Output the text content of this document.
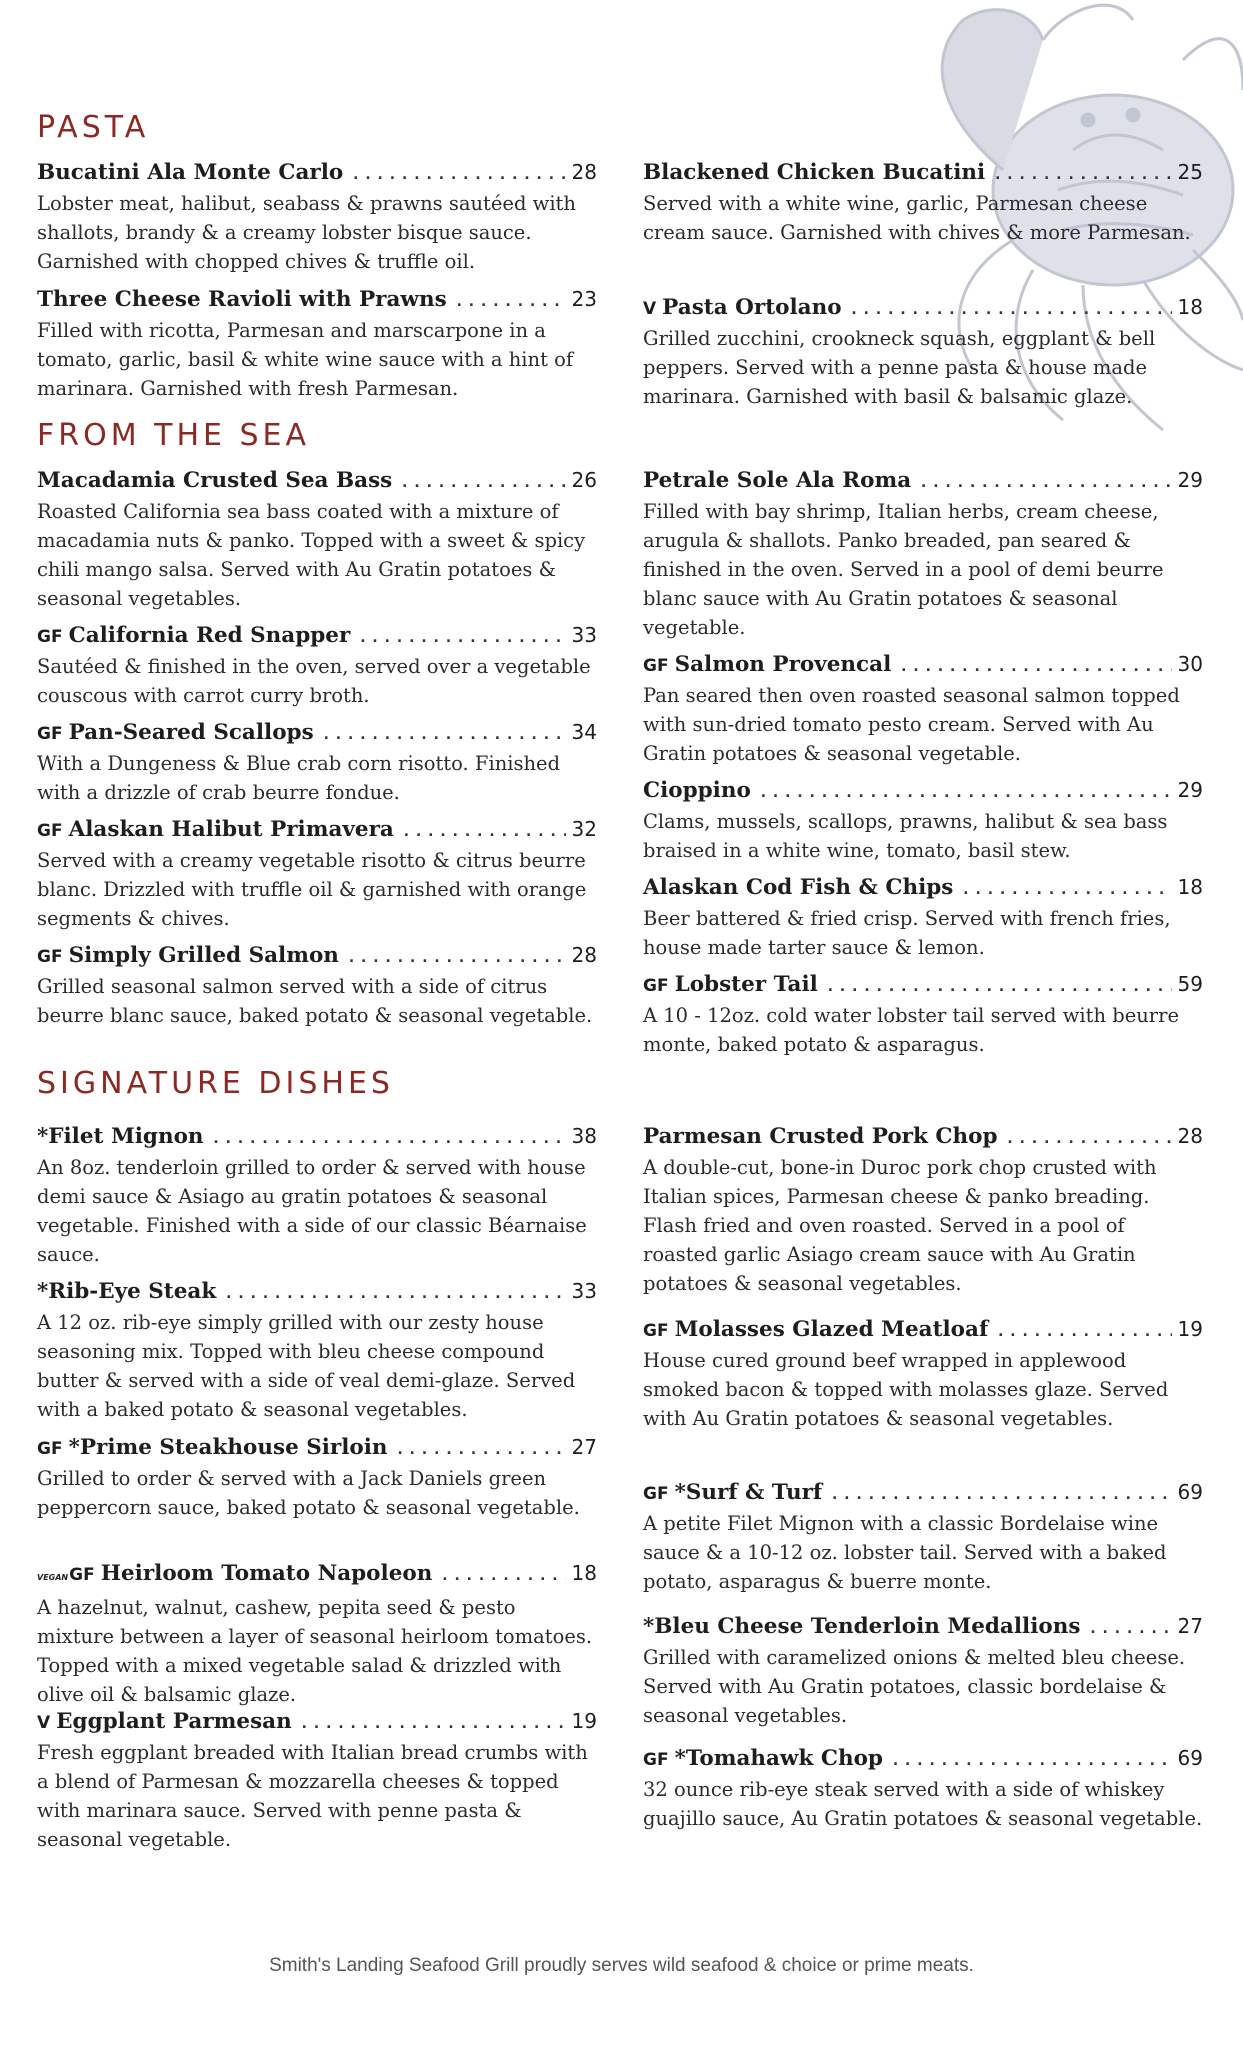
PASTA
FROM THE SEA
SIGNATURE DISHES
Bucatini Ala Monte Carlo .....	28

Lobster meat, halibut, seabass & prawns sautéed with shallots, brandy & a creamy lobster bisque sauce. Garnished with chopped chives & truffle oil.

Three Cheese Ravioli with Prawns .....	23

Filled with ricotta, Parmesan and marscarpone in a tomato, garlic, basil & white wine sauce with a hint of marinara. Garnished with fresh Parmesan.

Blackened Chicken Bucatini .....	25

Served with a white wine, garlic, Parmesan cheese cream sauce. Garnished with chives & more Parmesan.

V Pasta Ortolano .....	18

Grilled zucchini, crookneck squash, eggplant & bell peppers. Served with a penne pasta & house made marinara. Garnished with basil & balsamic glaze.

Macadamia Crusted Sea Bass .....	26

Roasted California sea bass coated with a mixture of macadamia nuts & panko. Topped with a sweet & spicy chili mango salsa. Served with Au Gratin potatoes & seasonal vegetables.

GF California Red Snapper .....	33

Sautéed & finished in the oven, served over a vegetable couscous with carrot curry broth.

GF Pan-Seared Scallops .....	34

With a Dungeness & Blue crab corn risotto. Finished with a drizzle of crab beurre fondue.

GF Alaskan Halibut Primavera .....	32

Served with a creamy vegetable risotto & citrus beurre blanc. Drizzled with truffle oil & garnished with orange segments & chives.

GF Simply Grilled Salmon .....	28

Grilled seasonal salmon served with a side of citrus beurre blanc sauce, baked potato & seasonal vegetable.

Petrale Sole Ala Roma .....	29

Filled with bay shrimp, Italian herbs, cream cheese, arugula & shallots. Panko breaded, pan seared & finished in the oven. Served in a pool of demi beurre blanc sauce with Au Gratin potatoes & seasonal vegetable.

GF Salmon Provencal .....	30

Pan seared then oven roasted seasonal salmon topped with sun-dried tomato pesto cream. Served with Au Gratin potatoes & seasonal vegetable.

Cioppino .....	29

Clams, mussels, scallops, prawns, halibut & sea bass braised in a white wine, tomato, basil stew.

Alaskan Cod Fish & Chips .....	18

Beer battered & fried crisp. Served with french fries, house made tarter sauce & lemon.

GF Lobster Tail .....	59

A 10 - 12oz. cold water lobster tail served with beurre monte, baked potato & asparagus.

*Filet Mignon .....	38

An 8oz. tenderloin grilled to order & served with house demi sauce & Asiago au gratin potatoes & seasonal vegetable. Finished with a side of our classic Béarnaise sauce.

*Rib-Eye Steak .....	33

A 12 oz. rib-eye simply grilled with our zesty house seasoning mix. Topped with bleu cheese compound butter & served with a side of veal demi-glaze. Served with a baked potato & seasonal vegetables.

GF *Prime Steakhouse Sirloin .....	27

Grilled to order & served with a Jack Daniels green peppercorn sauce, baked potato & seasonal vegetable.

VEGAN GF Heirloom Tomato Napoleon .....	18

A hazelnut, walnut, cashew, pepita seed & pesto mixture between a layer of seasonal heirloom tomatoes. Topped with a mixed vegetable salad & drizzled with olive oil & balsamic glaze.

V Eggplant Parmesan .....	19

Fresh eggplant breaded with Italian bread crumbs with a blend of Parmesan & mozzarella cheeses & topped with marinara sauce. Served with penne pasta & seasonal vegetable.

Parmesan Crusted Pork Chop .....	28

A double-cut, bone-in Duroc pork chop crusted with Italian spices, Parmesan cheese & panko breading. Flash fried and oven roasted. Served in a pool of roasted garlic Asiago cream sauce with Au Gratin potatoes & seasonal vegetables.

GF Molasses Glazed Meatloaf .....	19

House cured ground beef wrapped in applewood smoked bacon & topped with molasses glaze. Served with Au Gratin potatoes & seasonal vegetables.

GF *Surf & Turf .....	69

A petite Filet Mignon with a classic Bordelaise wine sauce & a 10-12 oz. lobster tail. Served with a baked potato, asparagus & buerre monte.

*Bleu Cheese Tenderloin Medallions .....	27

Grilled with caramelized onions & melted bleu cheese. Served with Au Gratin potatoes, classic bordelaise & seasonal vegetables.

GF *Tomahawk Chop .....	69

32 ounce rib-eye steak served with a side of whiskey guajillo sauce, Au Gratin potatoes & seasonal vegetable.

Smith's Landing Seafood Grill proudly serves wild seafood & choice or prime meats.
